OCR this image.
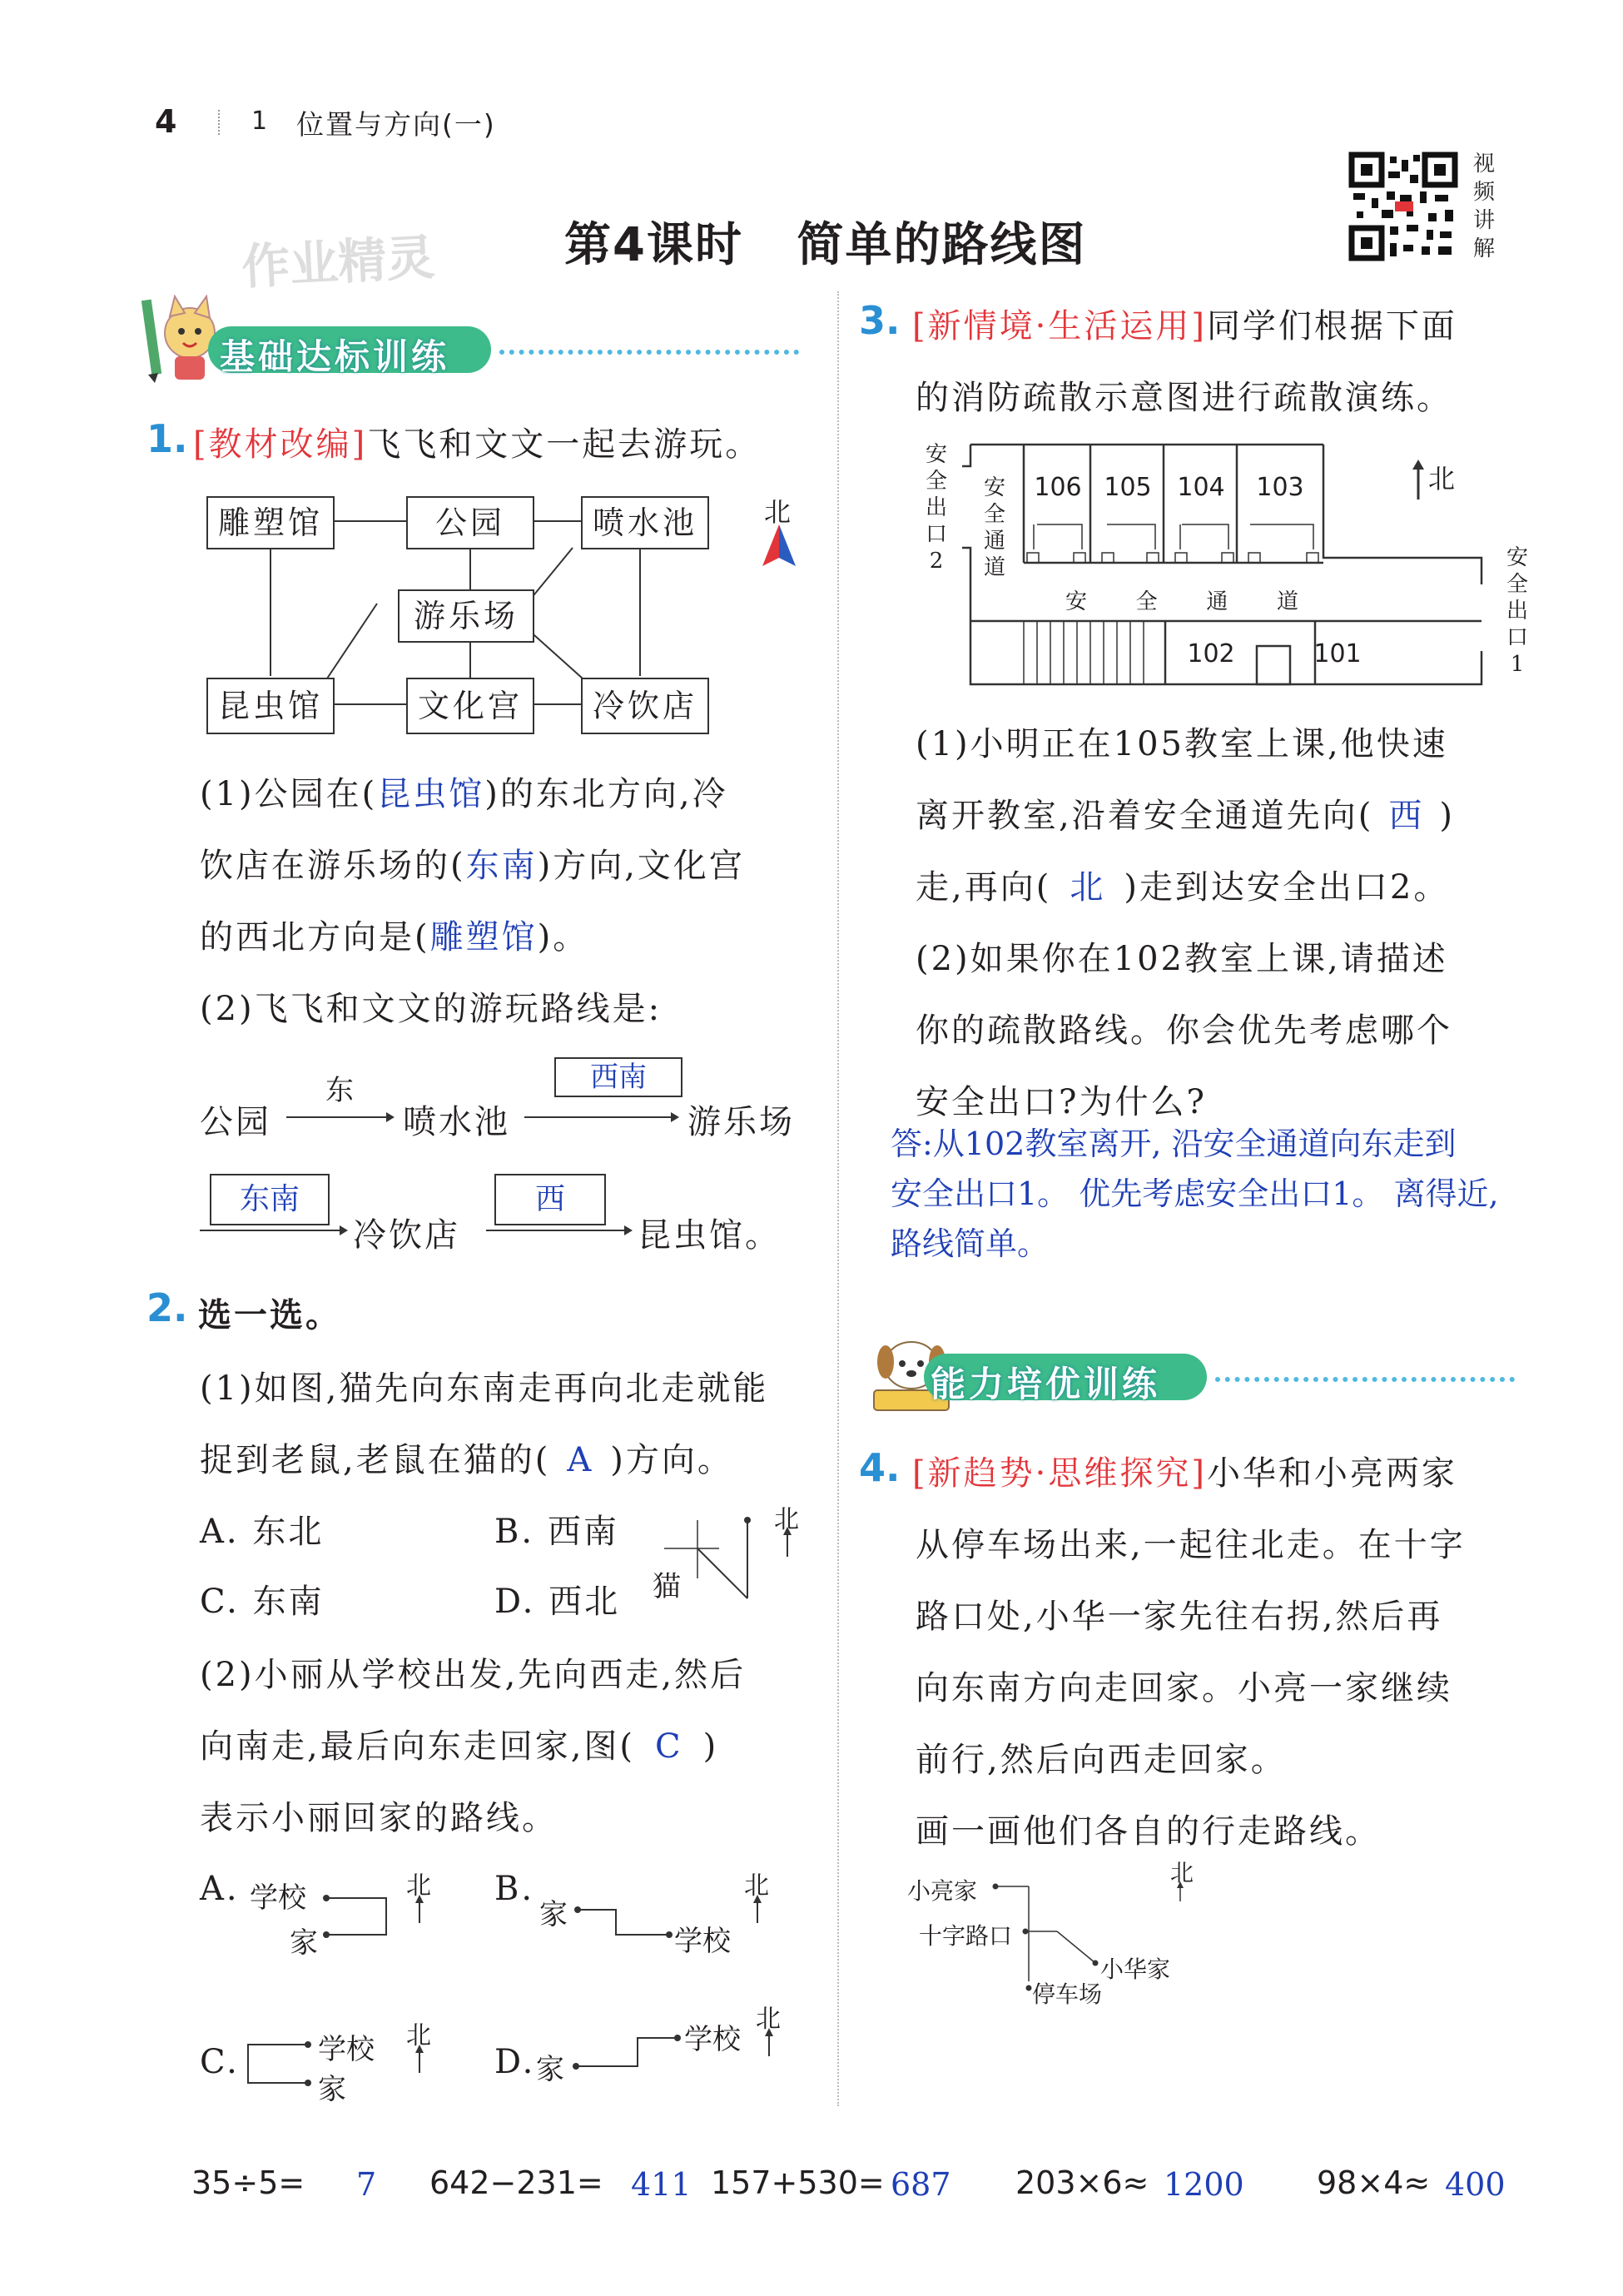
4	1 位置与方向(一)
作业精灵	第4课时   简单的路线图
视
频
讲
解
基础达标训练
1. [教材改编]飞飞和文文一起去游玩。
雕塑馆	公园	喷水池
游乐场
昆虫馆	文化宫	冷饮店
北
(1)公园在(昆虫馆)的东北方向,冷
饮店在游乐场的(东南)方向,文化宫
的西北方向是(雕塑馆)。
(2)飞飞和文文的游玩路线是:
公园
东
喷水池
西南
游乐场
东南
冷饮店
西
昆虫馆。
2. 选一选。
(1)如图,猫先向东南走再向北走就能
捉到老鼠,老鼠在猫的( A )方向。
A. 东北	B. 西南
C. 东南	D. 西北 猫
北
(2)小丽从学校出发,先向西走,然后
向南走,最后向东走回家,图( C )
表示小丽回家的路线。
A. 学校
家
北 B.
家
学校
北
C.	学校
家
北
D. 家
学校
北
3. [新情境·生活运用]同学们根据下面
的消防疏散示意图进行疏散演练。
安
全
出
口
2
安
全
通
道
106 105	104	103
102	101
安 全 通 道
北
安
全
出
口
1
(1)小明正在105教室上课,他快速
离开教室,沿着安全通道先向( 西 )
走,再向( 北 )走到达安全出口2。
(2)如果你在102教室上课,请描述
你的疏散路线。你会优先考虑哪个
安全出口?为什么?
答:从102教室离开, 沿安全通道向东走到
安全出口1。 优先考虑安全出口1。 离得近,
路线简单。
能力培优训练
4. [新趋势·思维探究]小华和小亮两家
从停车场出来,一起往北走。在十字
路口处,小华一家先往右拐,然后再
向东南方向走回家。小亮一家继续
前行,然后向西走回家。
画一画他们各自的行走路线。
小亮家
十字路口
小华家
停车场
北
35÷5= 7 642−231= 411 157+530= 687 203×6≈ 1200 98×4≈ 400
